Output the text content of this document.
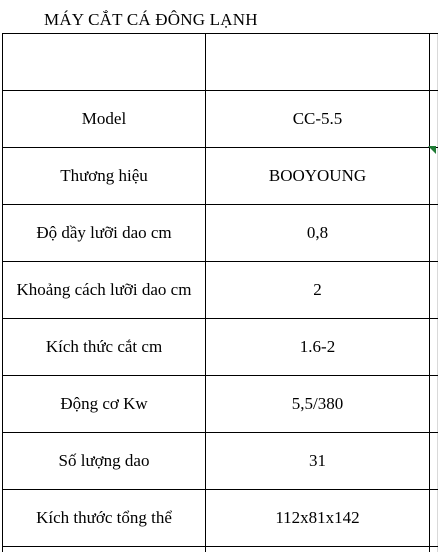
MÁY CẮT CÁ ĐÔNG LẠNH
Model	CC-5.5
Thương hiệu	BOOYOUNG
Độ dầy lưỡi dao cm	0,8
Khoảng cách lưỡi dao cm	2
Kích thức cắt cm	1.6-2
Động cơ Kw	5,5/380
Số lượng dao	31
Kích thước tổng thể	112x81x142
